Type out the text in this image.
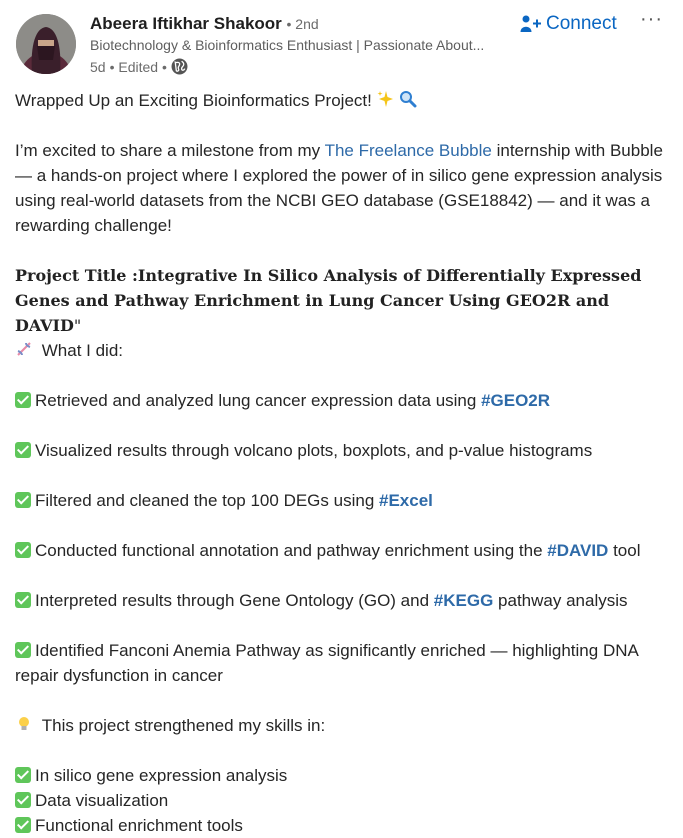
Abeera Iftikhar Shakoor • 2nd
Biotechnology & Bioinformatics Enthusiast | Passionate About...
5d • Edited •
Connect ···

Wrapped Up an Exciting Bioinformatics Project!

I’m excited to share a milestone from my The Freelance Bubble internship with Bubble — a hands-on project where I explored the power of in silico gene expression analysis using real-world datasets from the NCBI GEO database (GSE18842) — and it was a rewarding challenge!

Project Title :Integrative In Silico Analysis of Differentially Expressed Genes and Pathway Enrichment in Lung Cancer Using GEO2R and DAVID"

What I did:

Retrieved and analyzed lung cancer expression data using #GEO2R

Visualized results through volcano plots, boxplots, and p-value histograms

Filtered and cleaned the top 100 DEGs using #Excel

Conducted functional annotation and pathway enrichment using the #DAVID tool

Interpreted results through Gene Ontology (GO) and #KEGG pathway analysis

Identified Fanconi Anemia Pathway as significantly enriched — highlighting DNA repair dysfunction in cancer

This project strengthened my skills in:

In silico gene expression analysis

Data visualization

Functional enrichment tools
